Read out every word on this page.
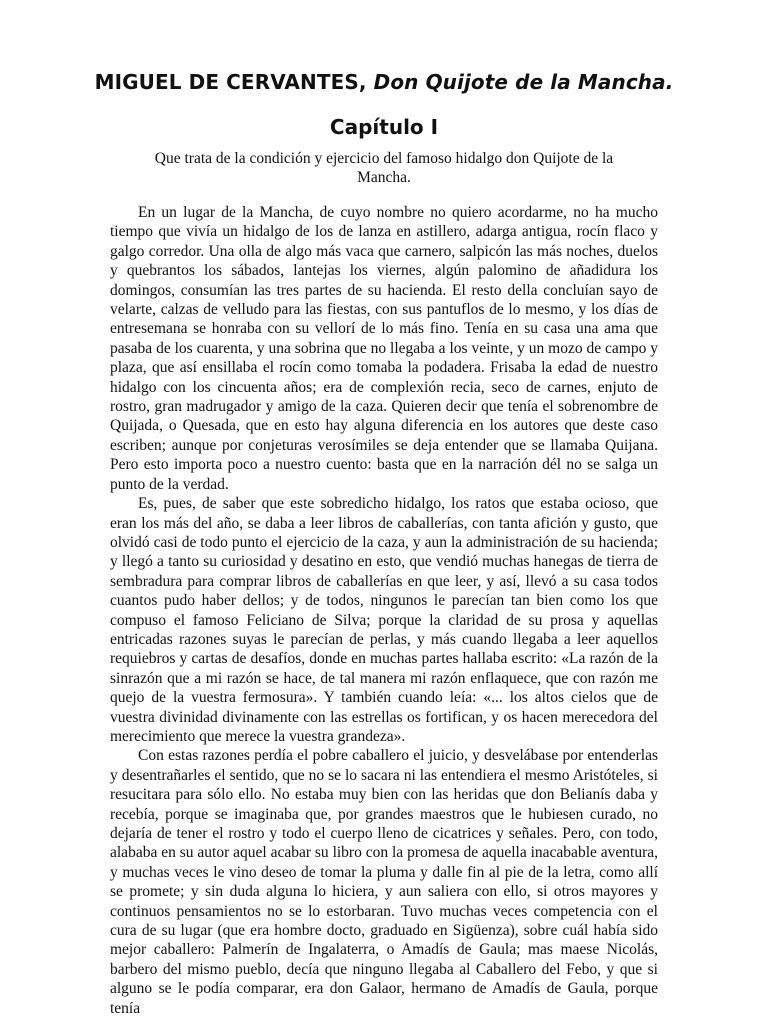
MIGUEL DE CERVANTES, Don Quijote de la Mancha.
Capítulo I

Que trata de la condición y ejercicio del famoso hidalgo don Quijote de la Mancha.

En un lugar de la Mancha, de cuyo nombre no quiero acordarme, no ha mucho tiempo que vivía un hidalgo de los de lanza en astillero, adarga antigua, rocín flaco y galgo corredor. Una olla de algo más vaca que carnero, salpicón las más noches, duelos y quebrantos los sábados, lantejas los viernes, algún palomino de añadidura los domingos, consumían las tres partes de su hacienda. El resto della concluían sayo de velarte, calzas de velludo para las fiestas, con sus pantuflos de lo mesmo, y los días de entresemana se honraba con su vellorí de lo más fino. Tenía en su casa una ama que pasaba de los cuarenta, y una sobrina que no llegaba a los veinte, y un mozo de campo y plaza, que así ensillaba el rocín como tomaba la podadera. Frisaba la edad de nuestro hidalgo con los cincuenta años; era de complexión recia, seco de carnes, enjuto de rostro, gran madrugador y amigo de la caza. Quieren decir que tenía el sobrenombre de Quijada, o Quesada, que en esto hay alguna diferencia en los autores que deste caso escriben; aunque por conjeturas verosímiles se deja entender que se llamaba Quijana. Pero esto importa poco a nuestro cuento: basta que en la narración dél no se salga un punto de la verdad.

Es, pues, de saber que este sobredicho hidalgo, los ratos que estaba ocioso, que eran los más del año, se daba a leer libros de caballerías, con tanta afición y gusto, que olvidó casi de todo punto el ejercicio de la caza, y aun la administración de su hacienda; y llegó a tanto su curiosidad y desatino en esto, que vendió muchas hanegas de tierra de sembradura para comprar libros de caballerías en que leer, y así, llevó a su casa todos cuantos pudo haber dellos; y de todos, ningunos le parecían tan bien como los que compuso el famoso Feliciano de Silva; porque la claridad de su prosa y aquellas entricadas razones suyas le parecían de perlas, y más cuando llegaba a leer aquellos requiebros y cartas de desafíos, donde en muchas partes hallaba escrito: «La razón de la sinrazón que a mi razón se hace, de tal manera mi razón enflaquece, que con razón me quejo de la vuestra fermosura». Y también cuando leía: «... los altos cielos que de vuestra divinidad divinamente con las estrellas os fortifican, y os hacen merecedora del merecimiento que merece la vuestra grandeza».

Con estas razones perdía el pobre caballero el juicio, y desvelábase por entenderlas y desentrañarles el sentido, que no se lo sacara ni las entendiera el mesmo Aristóteles, si resucitara para sólo ello. No estaba muy bien con las heridas que don Belianís daba y recebía, porque se imaginaba que, por grandes maestros que le hubiesen curado, no dejaría de tener el rostro y todo el cuerpo lleno de cicatrices y señales. Pero, con todo, alababa en su autor aquel acabar su libro con la promesa de aquella inacabable aventura, y muchas veces le vino deseo de tomar la pluma y dalle fin al pie de la letra, como allí se promete; y sin duda alguna lo hiciera, y aun saliera con ello, si otros mayores y continuos pensamientos no se lo estorbaran. Tuvo muchas veces competencia con el cura de su lugar (que era hombre docto, graduado en Sigüenza), sobre cuál había sido mejor caballero: Palmerín de Ingalaterra, o Amadís de Gaula; mas maese Nicolás, barbero del mismo pueblo, decía que ninguno llegaba al Caballero del Febo, y que si alguno se le podía comparar, era don Galaor, hermano de Amadís de Gaula, porque tenía
